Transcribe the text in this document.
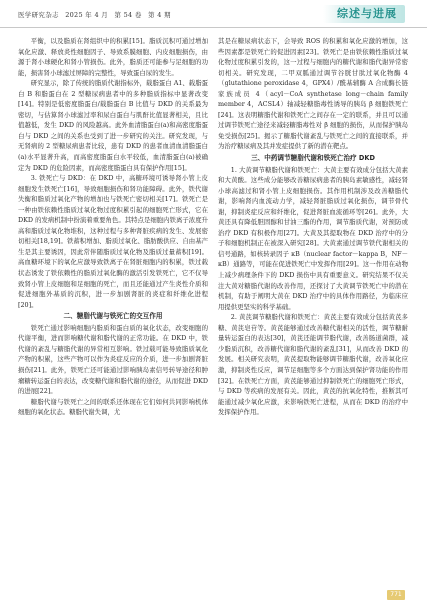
医学研究杂志 2025 年 4 月 第 54 卷 第 4 期	综述与进展

平衡，以及脂质在肾组织中的积累[15]。脂质沉积可通过增加氧化应激、释放炎性细胞因子、导致系膜细胞、内皮细胞损伤，由源于肾小球硬化和肾小管损伤。此外，脂质还可能参与足细胞的功能，损害肾小球滤过屏障的完整性，导致蛋白尿的发生。

研究显示，除了传统的脂质代谢指标外，载脂蛋白 A1、载脂蛋白 B 和脂蛋白在 2 型糖尿病患者中的多种脂质指标中显著改变[14]。特别是低密度脂蛋白/载脂蛋白 B 比值与 DKD 的关系最为密切，与估算肾小球滤过率和尿白蛋白与肌酐比值显著相关，且比值越低，发生 DKD 的风险越高。此外血清脂蛋白(a)和高密度脂蛋白与 DKD 之间的关系也受到了进一步研究的关注。研究发现，与无肾病的 2 型糖尿病患者比较，患有 DKD 的患者血清血清脂蛋白(a)水平显著升高，而高密度脂蛋白水平较低，血清脂蛋白(a)被确定为 DKD 的危险因素，而高密度脂蛋白具有保护作用[15]。

3. 铁死亡与 DKD：在 DKD 中，高糖环境可诱导肾小管上皮细胞发生铁死亡[16]，导致细胞损伤和肾功能障碍。此外，铁代谢失衡和脂质过氧化产物的增加也与铁死亡密切相关[17]。铁死亡是一种由铁依赖性脂质过氧化物过度积累引起的细胞死亡形式，它在 DKD 的发病机制中扮演着重要角色。其特点是细胞内铁离子浓度升高和脂质过氧化物堆积，这种过程与多种肾脏疾病的发生、发展密切相关[18,19]。铁蓄积增加、脂质过氧化、脂肪酸供应、自由基产生是其主要诱因，因此常伴随脂质过氧化物及脂质过量蓄积[19]。高血糖环境下的氧化应激导致铁离子在肾脏细胞内的积累，铁过载状态诱发了铁依赖性的脂质过氧化酶的激活引发铁死亡，它不仅导致肾小管上皮细胞和足细胞的死亡，而且还能通过产生炎性介质和促进细胞外基质的沉积，进一步加剧肾脏的炎症和纤维化进程[20]。

二、糖脂代谢与铁死亡的交互作用

铁死亡通过影响细胞内脂质和蛋白质的氧化状态，改变细胞的代谢平衡，进而影响糖代谢和脂代谢的正常功能。在 DKD 中，铁代谢的紊乱与糖脂代谢的异常相互影响。铁过载可能导致脂质氧化产物的积累，这些产物可以作为炎症反应的介质，进一步加剧肾脏损伤[21]。此外，铁死亡还可能通过影响胰岛素信号转导途径和肿瘤糖转运蛋白的表达，改变糖代谢和脂代谢的途径，从而促进 DKD 的进展[22]。

糖脂代谢与铁死亡之间的联系还体现在它们如何共同影响机体细胞的氧化状态。糖脂代谢失调，尤

其是在糖尿病状态下，会导致 ROS 的积累和氧化应激的增加，这些因素都是铁死亡的促进因素[23]。铁死亡是由铁依赖性脂质过氧化物过度积累引发的，这一过程与细胞内的糖代谢和脂代谢异常密切相关。研究发现，二甲双胍通过调节谷胱甘肽过氧化物酶 4（glutathione peroxidase 4，GPX4）/酰基辅酶 A 合成酶长链家族成员 4（acyl－CoA synthetase long－chain family member 4，ACSL4）轴减轻糖脂毒性诱导的胰岛 β 细胞铁死亡[24]。这表明糖脂代谢和铁死亡之间存在一定的联系，并且可以通过调节铁死亡途径来减轻糖脂毒性对 β 细胞的损伤，从而保护胰岛免受损伤[25]。揭示了糖脂代谢紊乱与铁死亡之间的直接联系，并为治疗糖尿病及其并发症提供了新的潜在靶点。

三、中药调节糖脂代谢和铁死亡治疗 DKD

1. 大黄调节糖脂代谢和铁死亡：大黄主要有效成分包括大黄素和大黄酸。这些成分能够改善糖尿病患者的胰岛素敏感性，减轻肾小球高滤过和肾小管上皮细胞损伤。其作用机制涉及改善糖脂代谢，影响肾内血流动力学，减轻肾脏脂质过氧化损伤，调节骨代谢，抑制炎症反应和纤维化，促进肾脏血流循环等[26]。此外，大黄还具有降低胆固醇和甘油三酯的作用，调节脂质代谢，对预防或治疗 DKD 有积极作用[27]。大黄及其提取物在 DKD 治疗中的分子和细胞机制正在被深入研究[28]。大黄素通过调节铁代谢相关的信号通路，如核转录因子 κB（nuclear factor－kappa B，NF－κB）通路等，可能在促进铁死亡中发挥作用[29]。这一作用在动物上减少病理条件下的 DKD 损伤中具有重要意义。研究结果不仅关注大黄对糖脂代谢的改善作用，还探讨了大黄调节铁死亡中的潜在机制，有助于阐明大黄在 DKD 治疗中的具体作用路径，为临床应用提供更坚实的科学基础。

2. 黄芪调节糖脂代谢和铁死亡：黄芪主要有效成分包括黄芪多糖、黄芪皂苷等。黄芪能够通过改善糖代谢相关的活性，调节糖耐量转运蛋白的表达[30]，黄芪还能调节脂代谢，改善肠道菌群，减少脂质沉积，改善糖代谢和脂代谢的紊乱[31]，从而改善 DKD 的发展。相关研究表明，黄芪提取物能够调节糖脂代谢，改善氧化应激，抑制炎性反应，调节足细胞等多个方面达到保护肾功能的作用[32]。在铁死亡方面，黄芪能够通过抑制铁死亡的细胞死亡形式，与 DKD 等疾病的发展有关。因此，黄芪的抗氧化特性，推断其可能通过减少氧化应激，来影响铁死亡进程，从而在 DKD 的治疗中发挥保护作用。

771
